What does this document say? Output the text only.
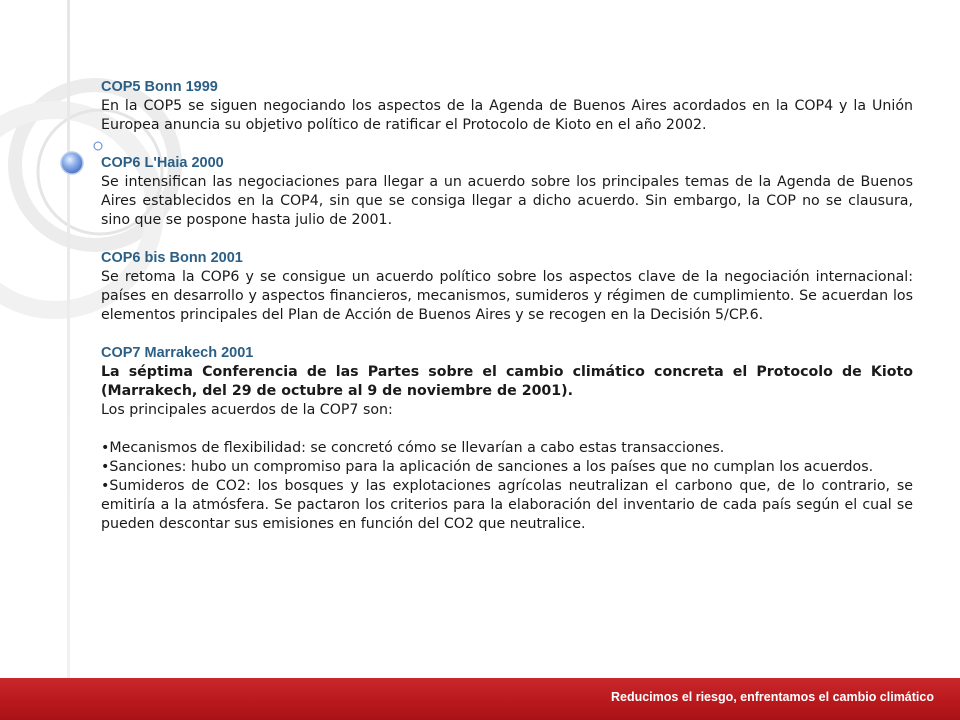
COP5 Bonn 1999

En la COP5 se siguen negociando los aspectos de la Agenda de Buenos Aires acordados en la COP4 y la Unión Europea anuncia su objetivo político de ratificar el Protocolo de Kioto en el año 2002.

COP6 L'Haia 2000

Se intensifican las negociaciones para llegar a un acuerdo sobre los principales temas de la Agenda de Buenos Aires establecidos en la COP4, sin que se consiga llegar a dicho acuerdo. Sin embargo, la COP no se clausura, sino que se pospone hasta julio de 2001.

COP6 bis Bonn 2001

Se retoma la COP6 y se consigue un acuerdo político sobre los aspectos clave de la negociación internacional: países en desarrollo y aspectos financieros, mecanismos, sumideros y régimen de cumplimiento. Se acuerdan los elementos principales del Plan de Acción de Buenos Aires y se recogen en la Decisión 5/CP.6.

COP7 Marrakech 2001

La séptima Conferencia de las Partes sobre el cambio climático concreta el Protocolo de Kioto (Marrakech, del 29 de octubre al 9 de noviembre de 2001).

Los principales acuerdos de la COP7 son:

•Mecanismos de flexibilidad: se concretó cómo se llevarían a cabo estas transacciones.

•Sanciones: hubo un compromiso para la aplicación de sanciones a los países que no cumplan los acuerdos.

•Sumideros de CO2: los bosques y las explotaciones agrícolas neutralizan el carbono que, de lo contrario, se emitiría a la atmósfera. Se pactaron los criterios para la elaboración del inventario de cada país según el cual se pueden descontar sus emisiones en función del CO2 que neutralice.

Reducimos el riesgo, enfrentamos el cambio climático
